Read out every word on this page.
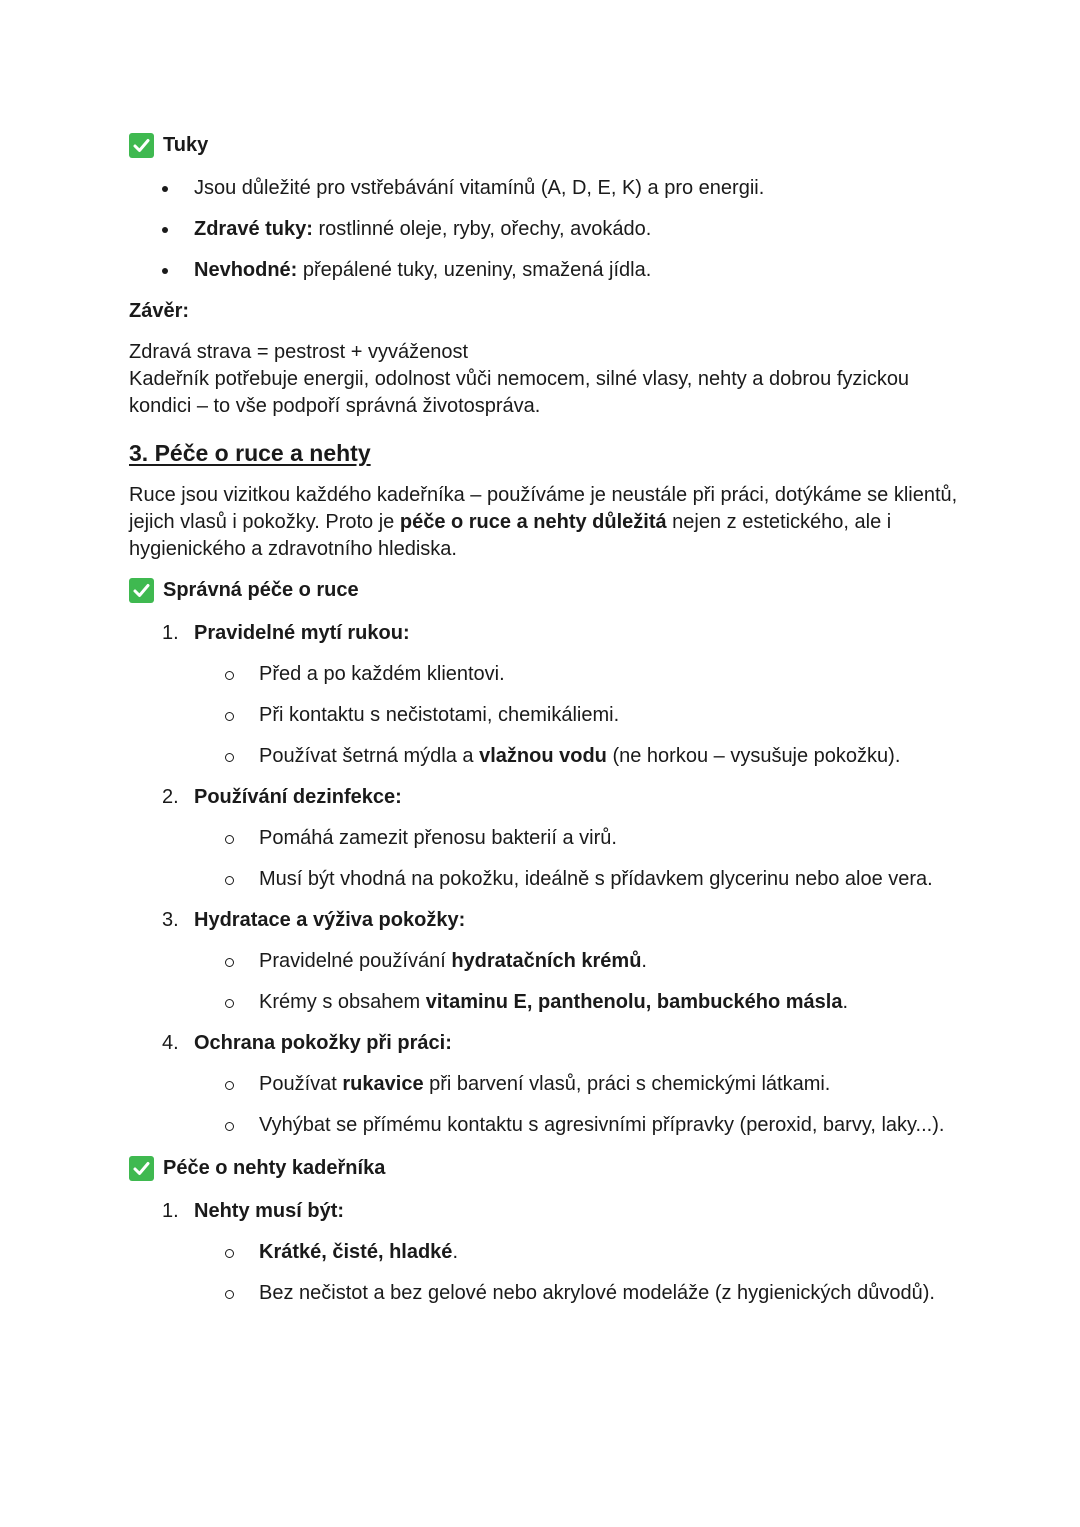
Tuky
Jsou důležité pro vstřebávání vitamínů (A, D, E, K) a pro energii.
Zdravé tuky: rostlinné oleje, ryby, ořechy, avokádo.
Nevhodné: přepálené tuky, uzeniny, smažená jídla.

Závěr:

Zdravá strava = pestrost + vyváženost

Kadeřník potřebuje energii, odolnost vůči nemocem, silné vlasy, nehty a dobrou fyzickou kondici – to vše podpoří správná životospráva.

3. Péče o ruce a nehty

Ruce jsou vizitkou každého kadeřníka – používáme je neustále při práci, dotýkáme se klientů, jejich vlasů i pokožky. Proto je péče o ruce a nehty důležitá nejen z estetického, ale i hygienického a zdravotního hlediska.

Správná péče o ruce
1. Pravidelné mytí rukou:
Před a po každém klientovi.
Při kontaktu s nečistotami, chemikáliemi.
Používat šetrná mýdla a vlažnou vodu (ne horkou – vysušuje pokožku).
2. Používání dezinfekce:
Pomáhá zamezit přenosu bakterií a virů.
Musí být vhodná na pokožku, ideálně s přídavkem glycerinu nebo aloe vera.
3. Hydratace a výživa pokožky:
Pravidelné používání hydratačních krémů.
Krémy s obsahem vitaminu E, panthenolu, bambuckého másla.
4. Ochrana pokožky při práci:
Používat rukavice při barvení vlasů, práci s chemickými látkami.
Vyhýbat se přímému kontaktu s agresivními přípravky (peroxid, barvy, laky...).
Péče o nehty kadeřníka
1. Nehty musí být:
Krátké, čisté, hladké.
Bez nečistot a bez gelové nebo akrylové modeláže (z hygienických důvodů).
